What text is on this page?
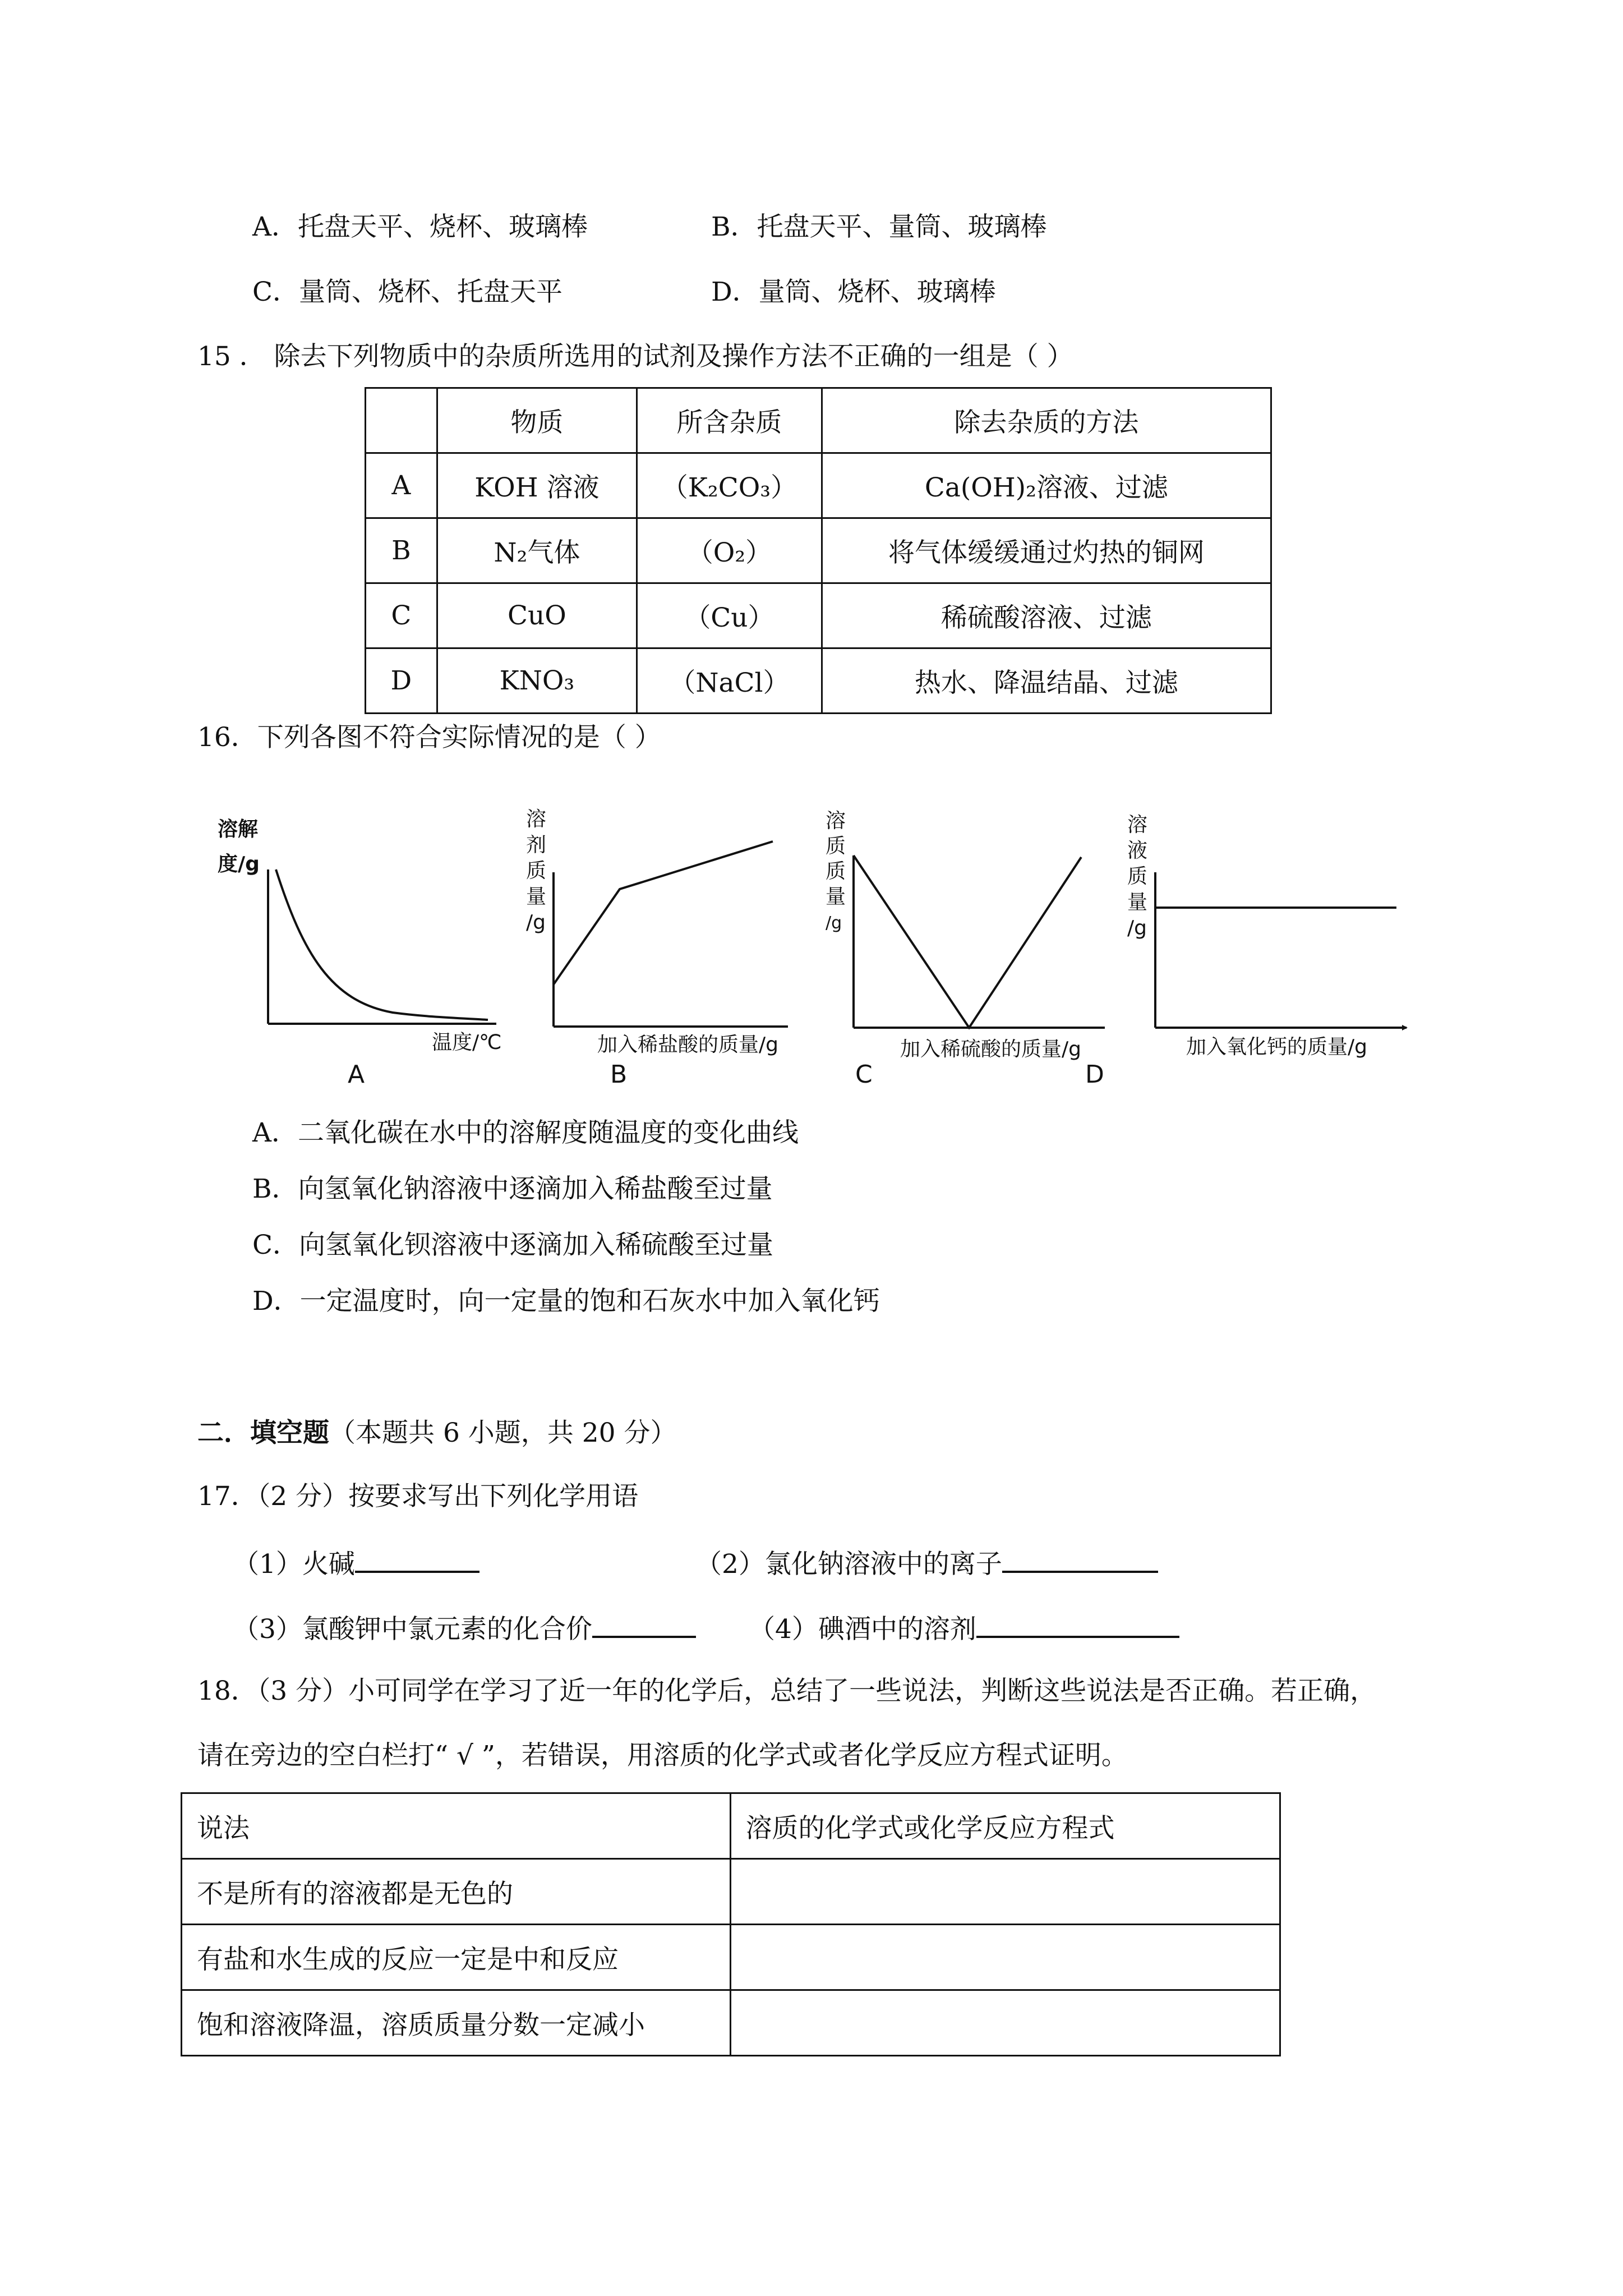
A．托盘天平、烧杯、玻璃棒	B．托盘天平、量筒、玻璃棒
C．量筒、烧杯、托盘天平	D．量筒、烧杯、玻璃棒
15 ． 除去下列物质中的杂质所选用的试剂及操作方法不正确的一组是（ ）
	物质	所含杂质	除去杂质的方法
A	KOH 溶液	（K₂CO₃）	Ca(OH)₂溶液、过滤
B	N₂气体	（O₂）	将气体缓缓通过灼热的铜网
C	CuO	（Cu）	稀硫酸溶液、过滤
D	KNO₃	（NaCl）	热水、降温结晶、过滤
16．下列各图不符合实际情况的是（ ）
溶解
度/g
温度/℃
A
溶
剂
质
量
/g
加入稀盐酸的质量/g
B
溶
质
质
量
/g
加入稀硫酸的质量/g
C
溶
液
质
量
/g
加入氧化钙的质量/g
D
A．二氧化碳在水中的溶解度随温度的变化曲线
B．向氢氧化钠溶液中逐滴加入稀盐酸至过量
C．向氢氧化钡溶液中逐滴加入稀硫酸至过量
D．一定温度时，向一定量的饱和石灰水中加入氧化钙
二．填空题（本题共 6 小题，共 20 分）
17．（2 分）按要求写出下列化学用语
（1）火碱	（2）氯化钠溶液中的离子
（3）氯酸钾中氯元素的化合价	（4）碘酒中的溶剂
18．（3 分）小可同学在学习了近一年的化学后，总结了一些说法，判断这些说法是否正确。若正确，
请在旁边的空白栏打“ √ ”，若错误，用溶质的化学式或者化学反应方程式证明。
说法	溶质的化学式或化学反应方程式
不是所有的溶液都是无色的	
有盐和水生成的反应一定是中和反应	
饱和溶液降温，溶质质量分数一定减小	
